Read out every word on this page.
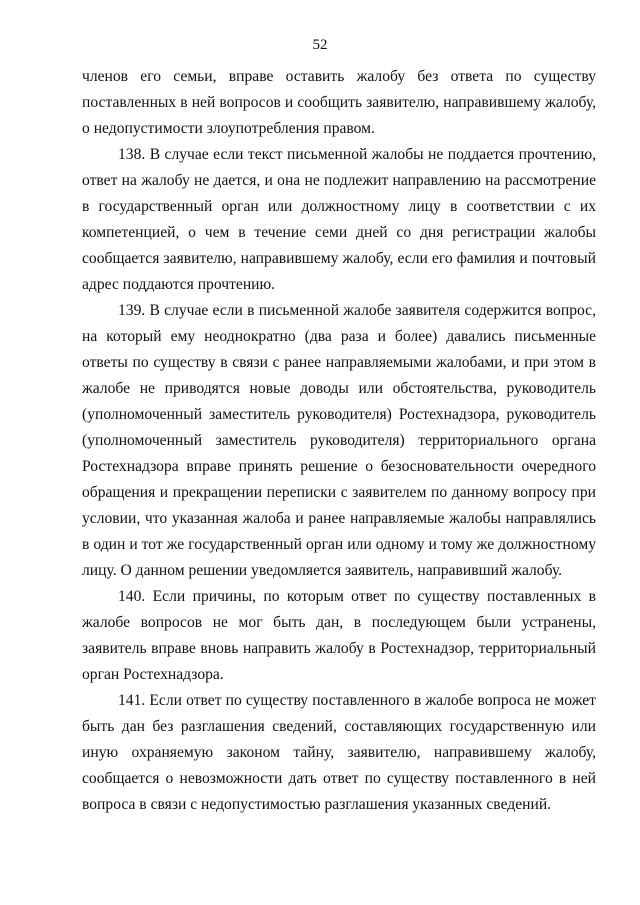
52

членов его семьи, вправе оставить жалобу без ответа по существу поставленных в ней вопросов и сообщить заявителю, направившему жалобу, о недопустимости злоупотребления правом.

138. В случае если текст письменной жалобы не поддается прочтению, ответ на жалобу не дается, и она не подлежит направлению на рассмотрение в государственный орган или должностному лицу в соответствии с их компетенцией, о чем в течение семи дней со дня регистрации жалобы сообщается заявителю, направившему жалобу, если его фамилия и почтовый адрес поддаются прочтению.

139. В случае если в письменной жалобе заявителя содержится вопрос, на который ему неоднократно (два раза и более) давались письменные ответы по существу в связи с ранее направляемыми жалобами, и при этом в жалобе не приводятся новые доводы или обстоятельства, руководитель (уполномоченный заместитель руководителя) Ростехнадзора, руководитель (уполномоченный заместитель руководителя) территориального органа Ростехнадзора вправе принять решение о безосновательности очередного обращения и прекращении переписки с заявителем по данному вопросу при условии, что указанная жалоба и ранее направляемые жалобы направлялись в один и тот же государственный орган или одному и тому же должностному лицу. О данном решении уведомляется заявитель, направивший жалобу.

140. Если причины, по которым ответ по существу поставленных в жалобе вопросов не мог быть дан, в последующем были устранены, заявитель вправе вновь направить жалобу в Ростехнадзор, территориальный орган Ростехнадзора.

141. Если ответ по существу поставленного в жалобе вопроса не может быть дан без разглашения сведений, составляющих государственную или иную охраняемую законом тайну, заявителю, направившему жалобу, сообщается о невозможности дать ответ по существу поставленного в ней вопроса в связи с недопустимостью разглашения указанных сведений.
